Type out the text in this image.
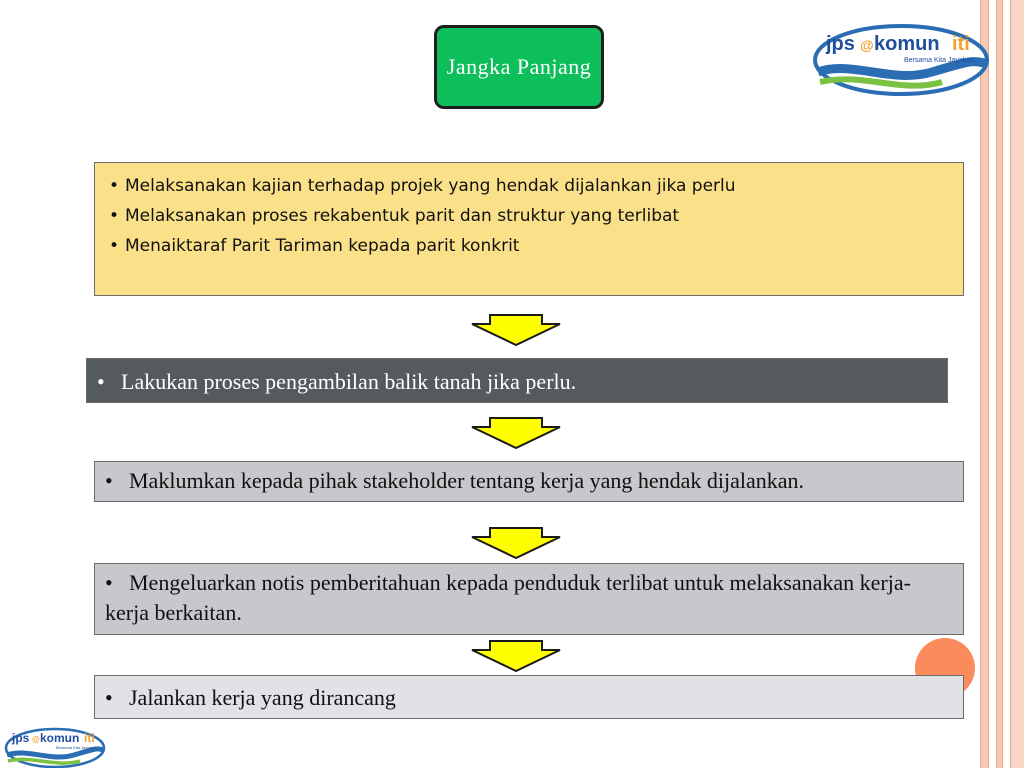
Jangka Panjang
jps @ komun iti
Bersama Kita Jayakan
• Melaksanakan kajian terhadap projek yang hendak dijalankan jika perlu
• Melaksanakan proses rekabentuk parit dan struktur yang terlibat
• Menaiktaraf Parit Tariman kepada parit konkrit
• Lakukan proses pengambilan balik tanah jika perlu.
• Maklumkan kepada pihak stakeholder tentang kerja yang hendak dijalankan.
• Mengeluarkan notis pemberitahuan kepada penduduk terlibat untuk melaksanakan kerja-kerja berkaitan.
• Jalankan kerja yang dirancang
jps @ komun iti
Bersama Kita Jayakan
